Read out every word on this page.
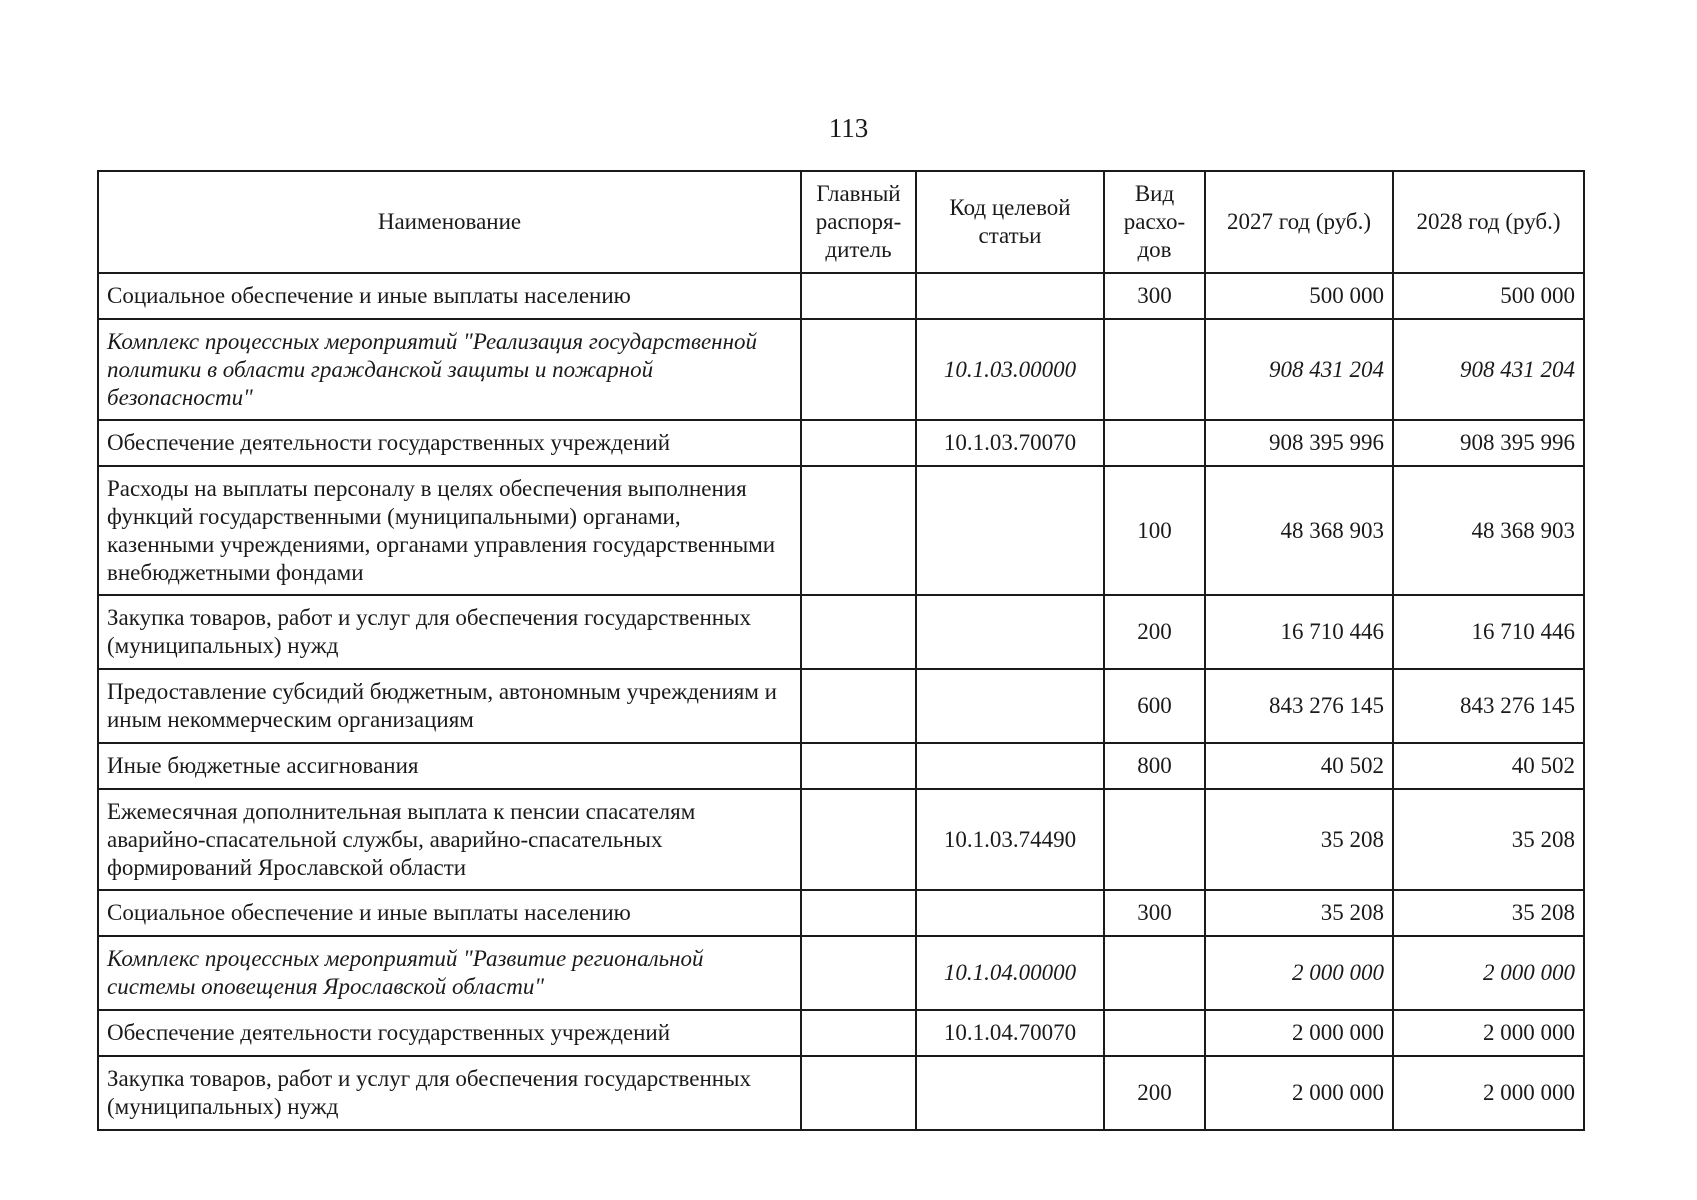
113
Наименование	Главный распоря-дитель	Код целевой статьи	Вид расхо-дов	2027 год (руб.)	2028 год (руб.)
Социальное обеспечение и иные выплаты населению			300	500 000	500 000
Комплекс процессных мероприятий "Реализация государственной политики в области гражданской защиты и пожарной безопасности"		10.1.03.00000		908 431 204	908 431 204
Обеспечение деятельности государственных учреждений		10.1.03.70070		908 395 996	908 395 996
Расходы на выплаты персоналу в целях обеспечения выполнения функций государственными (муниципальными) органами, казенными учреждениями, органами управления государственными внебюджетными фондами			100	48 368 903	48 368 903
Закупка товаров, работ и услуг для обеспечения государственных (муниципальных) нужд			200	16 710 446	16 710 446
Предоставление субсидий бюджетным, автономным учреждениям и иным некоммерческим организациям			600	843 276 145	843 276 145
Иные бюджетные ассигнования			800	40 502	40 502
Ежемесячная дополнительная выплата к пенсии спасателям аварийно-спасательной службы, аварийно-спасательных формирований Ярославской области		10.1.03.74490		35 208	35 208
Социальное обеспечение и иные выплаты населению			300	35 208	35 208
Комплекс процессных мероприятий "Развитие региональной системы оповещения Ярославской области"		10.1.04.00000		2 000 000	2 000 000
Обеспечение деятельности государственных учреждений		10.1.04.70070		2 000 000	2 000 000
Закупка товаров, работ и услуг для обеспечения государственных (муниципальных) нужд			200	2 000 000	2 000 000
